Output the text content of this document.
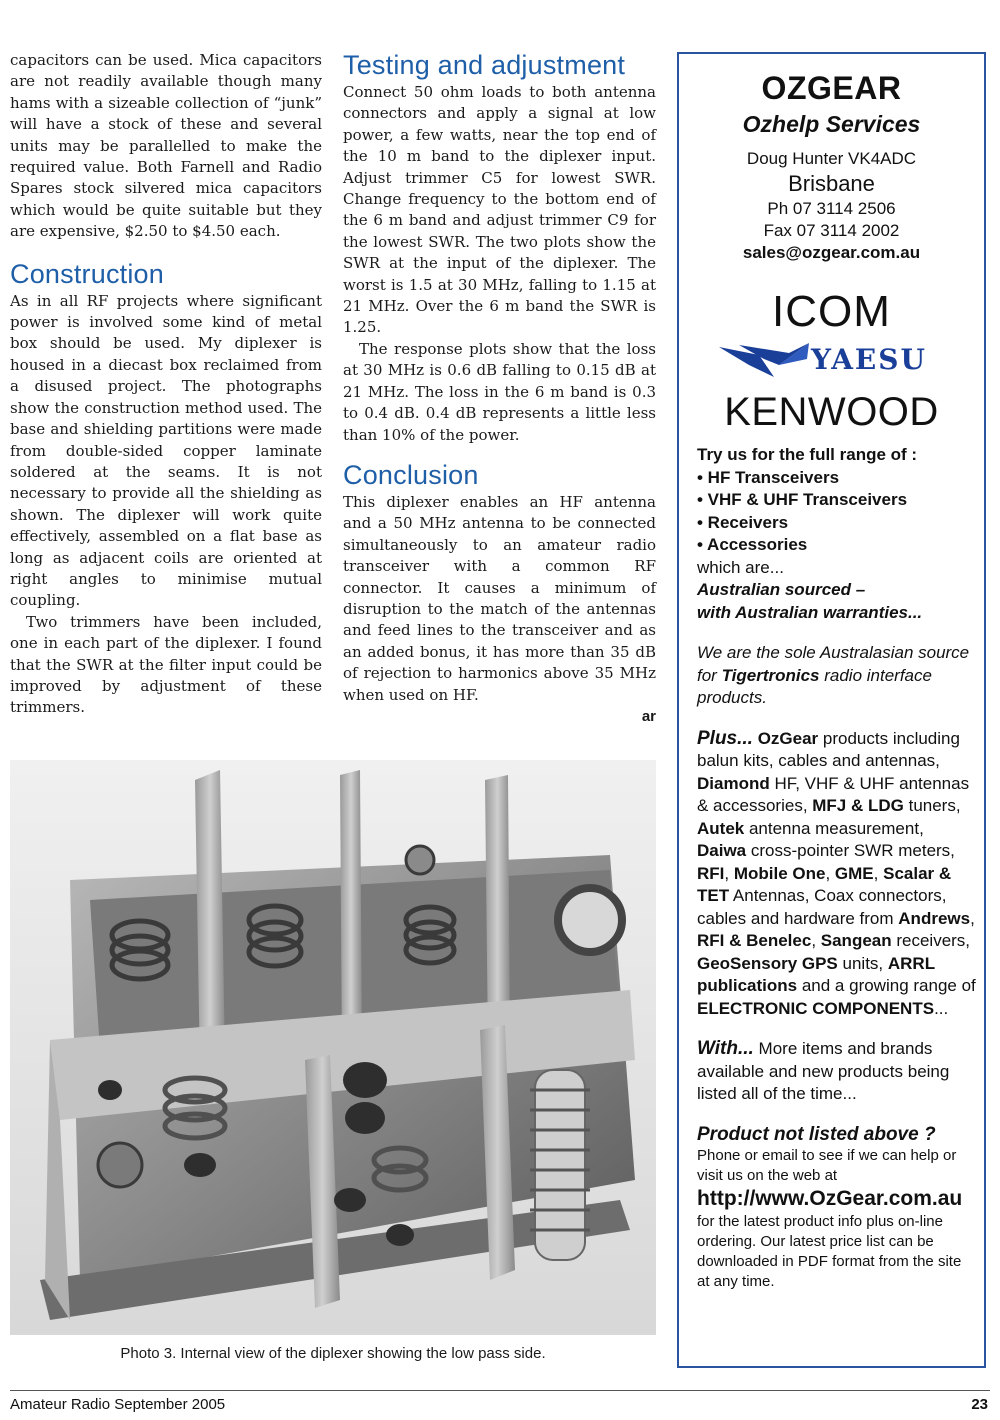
capacitors can be used. Mica capacitors are not readily available though many hams with a sizeable collection of “junk” will have a stock of these and several units may be parallelled to make the required value. Both Farnell and Radio Spares stock silvered mica capacitors which would be quite suitable but they are expensive, $2.50 to $4.50 each.

Construction

As in all RF projects where significant power is involved some kind of metal box should be used. My diplexer is housed in a diecast box reclaimed from a disused project. The photographs show the construction method used. The base and shielding partitions were made from double-sided copper laminate soldered at the seams. It is not necessary to provide all the shielding as shown. The diplexer will work quite effectively, assembled on a flat base as long as adjacent coils are oriented at right angles to minimise mutual coupling.

Two trimmers have been included, one in each part of the diplexer. I found that the SWR at the filter input could be improved by adjustment of these trimmers.

Testing and adjustment

Connect 50 ohm loads to both antenna connectors and apply a signal at low power, a few watts, near the top end of the 10 m band to the diplexer input. Adjust trimmer C5 for lowest SWR. Change frequency to the bottom end of the 6 m band and adjust trimmer C9 for the lowest SWR. The two plots show the SWR at the input of the diplexer. The worst is 1.5 at 30 MHz, falling to 1.15 at 21 MHz. Over the 6 m band the SWR is 1.25.

The response plots show that the loss at 30 MHz is 0.6 dB falling to 0.15 dB at 21 MHz. The loss in the 6 m band is 0.3 to 0.4 dB. 0.4 dB represents a little less than 10% of the power.

Conclusion

This diplexer enables an HF antenna and a 50 MHz antenna to be connected simultaneously to an amateur radio transceiver with a common RF connector. It causes a minimum of disruption to the match of the antennas and feed lines to the transceiver and as an added bonus, it has more than 35 dB of rejection to harmonics above 35 MHz when used on HF.

ar
Photo 3. Internal view of the diplexer showing the low pass side.
OZGEAR
Ozhelp Services
Doug Hunter VK4ADC
Brisbane
Ph 07 3114 2506
Fax 07 3114 2002
sales@ozgear.com.au
ICOM
YAESU
KENWOOD

Try us for the full range of :

• HF Transceivers
• VHF & UHF Transceivers
• Receivers
• Accessories

which are...

Australian sourced –

with Australian warranties...

We are the sole Australasian source for Tigertronics radio interface products.

Plus... OzGear products including balun kits, cables and antennas, Diamond HF, VHF & UHF antennas & accessories, MFJ & LDG tuners, Autek antenna measurement, Daiwa cross-pointer SWR meters, RFI, Mobile One, GME, Scalar & TET Antennas, Coax connectors, cables and hardware from Andrews, RFI & Benelec, Sangean receivers, GeoSensory GPS units, ARRL publications and a growing range of ELECTRONIC COMPONENTS...

With... More items and brands available and new products being listed all of the time...

Product not listed above ?

Phone or email to see if we can help or visit us on the web at

http://www.OzGear.com.au

for the latest product info plus on-line ordering. Our latest price list can be downloaded in PDF format from the site at any time.

Amateur Radio September 2005	23
